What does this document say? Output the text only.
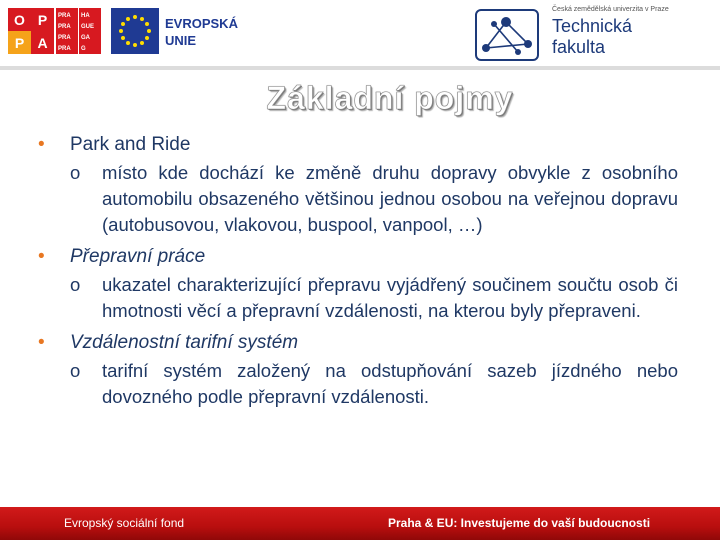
O P
P A
PRA HA
PRA GUE
PRA GA
PRA G
EVROPSKÁ
UNIE
Česká zemědělská univerzita v Praze
Technická
fakulta
Základní pojmy
• Park and Ride
o místo kde dochází ke změně druhu dopravy obvykle z osobního automobilu obsazeného většinou jednou osobou na veřejnou dopravu (autobusovou, vlakovou, buspool, vanpool, …)
• Přepravní práce
o ukazatel charakterizující přepravu vyjádřený součinem součtu osob či hmotnosti věcí a přepravní vzdálenosti, na kterou byly přepraveni.
• Vzdálenostní tarifní systém
o tarifní systém založený na odstupňování sazeb jízdného nebo dovozného podle přepravní vzdálenosti.
Evropský sociální fond	Praha & EU: Investujeme do vaší budoucnosti
